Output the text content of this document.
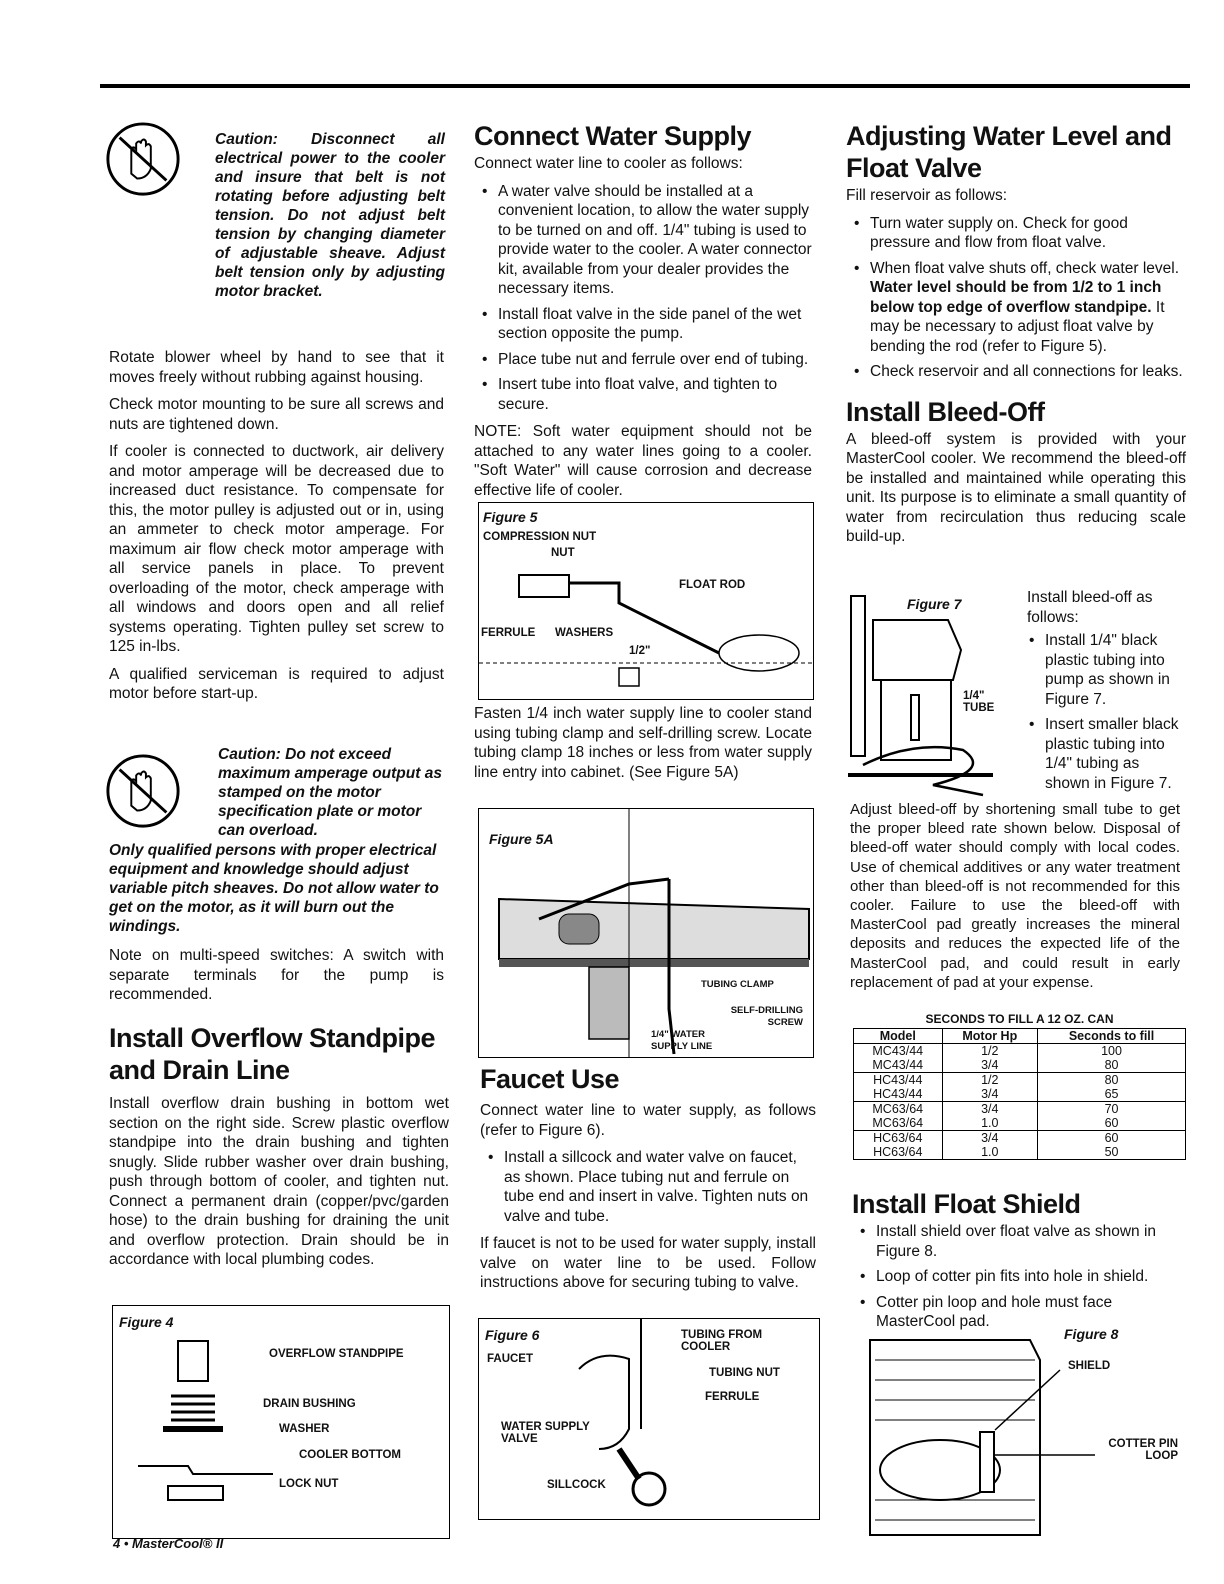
Caution: Disconnect all electrical power to the cooler and insure that belt is not rotating before adjusting belt tension. Do not adjust belt tension by changing diameter of adjustable sheave. Adjust belt tension only by adjusting motor bracket.

Rotate blower wheel by hand to see that it moves freely without rubbing against housing.

Check motor mounting to be sure all screws and nuts are tightened down.

If cooler is connected to ductwork, air delivery and motor amperage will be decreased due to increased duct resistance. To compensate for this, the motor pulley is adjusted out or in, using an ammeter to check motor amperage. For maximum air flow check motor amperage with all service panels in place. To prevent overloading of the motor, check amperage with all windows and doors open and all relief systems operating. Tighten pulley set screw to 125 in-lbs.

A qualified serviceman is required to adjust motor before start-up.

Caution: Do not exceed maximum amperage output as stamped on the motor specification plate or motor can overload.
Only qualified persons with proper electrical equipment and knowledge should adjust variable pitch sheaves. Do not allow water to get on the motor, as it will burn out the windings.

Note on multi-speed switches: A switch with separate terminals for the pump is recommended.

Install Overflow Standpipe and Drain Line

Install overflow drain bushing in bottom wet section on the right side. Screw plastic overflow standpipe into the drain bushing and tighten snugly. Slide rubber washer over drain bushing, push through bottom of cooler, and tighten nut. Connect a permanent drain (copper/pvc/garden hose) to the drain bushing for draining the unit and overflow protection. Drain should be in accordance with local plumbing codes.

Figure 4
OVERFLOW STANDPIPE
DRAIN BUSHING
WASHER
COOLER BOTTOM
LOCK NUT
4 • MasterCool® II
Connect Water Supply

Connect water line to cooler as follows:

• A water valve should be installed at a convenient location, to allow the water supply to be turned on and off. 1/4" tubing is used to provide water to the cooler. A water connector kit, available from your dealer provides the necessary items.
• Install float valve in the side panel of the wet section opposite the pump.
• Place tube nut and ferrule over end of tubing.
• Insert tube into float valve, and tighten to secure.

NOTE: Soft water equipment should not be attached to any water lines going to a cooler. "Soft Water" will cause corrosion and decrease effective life of cooler.

Figure 5
COMPRESSION NUT
NUT
FLOAT ROD
FERRULE WASHERS
1/2"

Fasten 1/4 inch water supply line to cooler stand using tubing clamp and self-drilling screw. Locate tubing clamp 18 inches or less from water supply line entry into cabinet. (See Figure 5A)

Figure 5A
TUBING CLAMP
SELF-DRILLING SCREW
1/4" WATER SUPPLY LINE
Faucet Use

Connect water line to water supply, as follows (refer to Figure 6).

• Install a sillcock and water valve on faucet, as shown. Place tubing nut and ferrule on tube end and insert in valve. Tighten nuts on valve and tube.

If faucet is not to be used for water supply, install valve on water line to be used. Follow instructions above for securing tubing to valve.

Figure 6
FAUCET
TUBING FROM COOLER
TUBING NUT
FERRULE
WATER SUPPLY VALVE
SILLCOCK
Adjusting Water Level and Float Valve

Fill reservoir as follows:

• Turn water supply on. Check for good pressure and flow from float valve.
• When float valve shuts off, check water level. Water level should be from 1/2 to 1 inch below top edge of overflow standpipe. It may be necessary to adjust float valve by bending the rod (refer to Figure 5).
• Check reservoir and all connections for leaks.
Install Bleed-Off

A bleed-off system is provided with your MasterCool cooler. We recommend the bleed-off be installed and maintained while operating this unit. Its purpose is to eliminate a small quantity of water from recirculation thus reducing scale build-up.

Figure 7
1/4" TUBE

Install bleed-off as follows:

• Install 1/4" black plastic tubing into pump as shown in Figure 7.
• Insert smaller black plastic tubing into 1/4" tubing as shown in Figure 7.

Adjust bleed-off by shortening small tube to get the proper bleed rate shown below. Disposal of bleed-off water should comply with local codes. Use of chemical additives or any water treatment other than bleed-off is not recommended for this cooler. Failure to use the bleed-off with MasterCool pad greatly increases the mineral deposits and reduces the expected life of the MasterCool pad, and could result in early replacement of pad at your expense.

SECONDS TO FILL A 12 OZ. CAN
Model	Motor Hp	Seconds to fill
MC43/44	1/2	100
MC43/44	3/4	80
HC43/44	1/2	80
HC43/44	3/4	65
MC63/64	3/4	70
MC63/64	1.0	60
HC63/64	3/4	60
HC63/64	1.0	50
Install Float Shield
• Install shield over float valve as shown in Figure 8.
• Loop of cotter pin fits into hole in shield.
• Cotter pin loop and hole must face MasterCool pad.
Figure 8
SHIELD
COTTER PIN LOOP
